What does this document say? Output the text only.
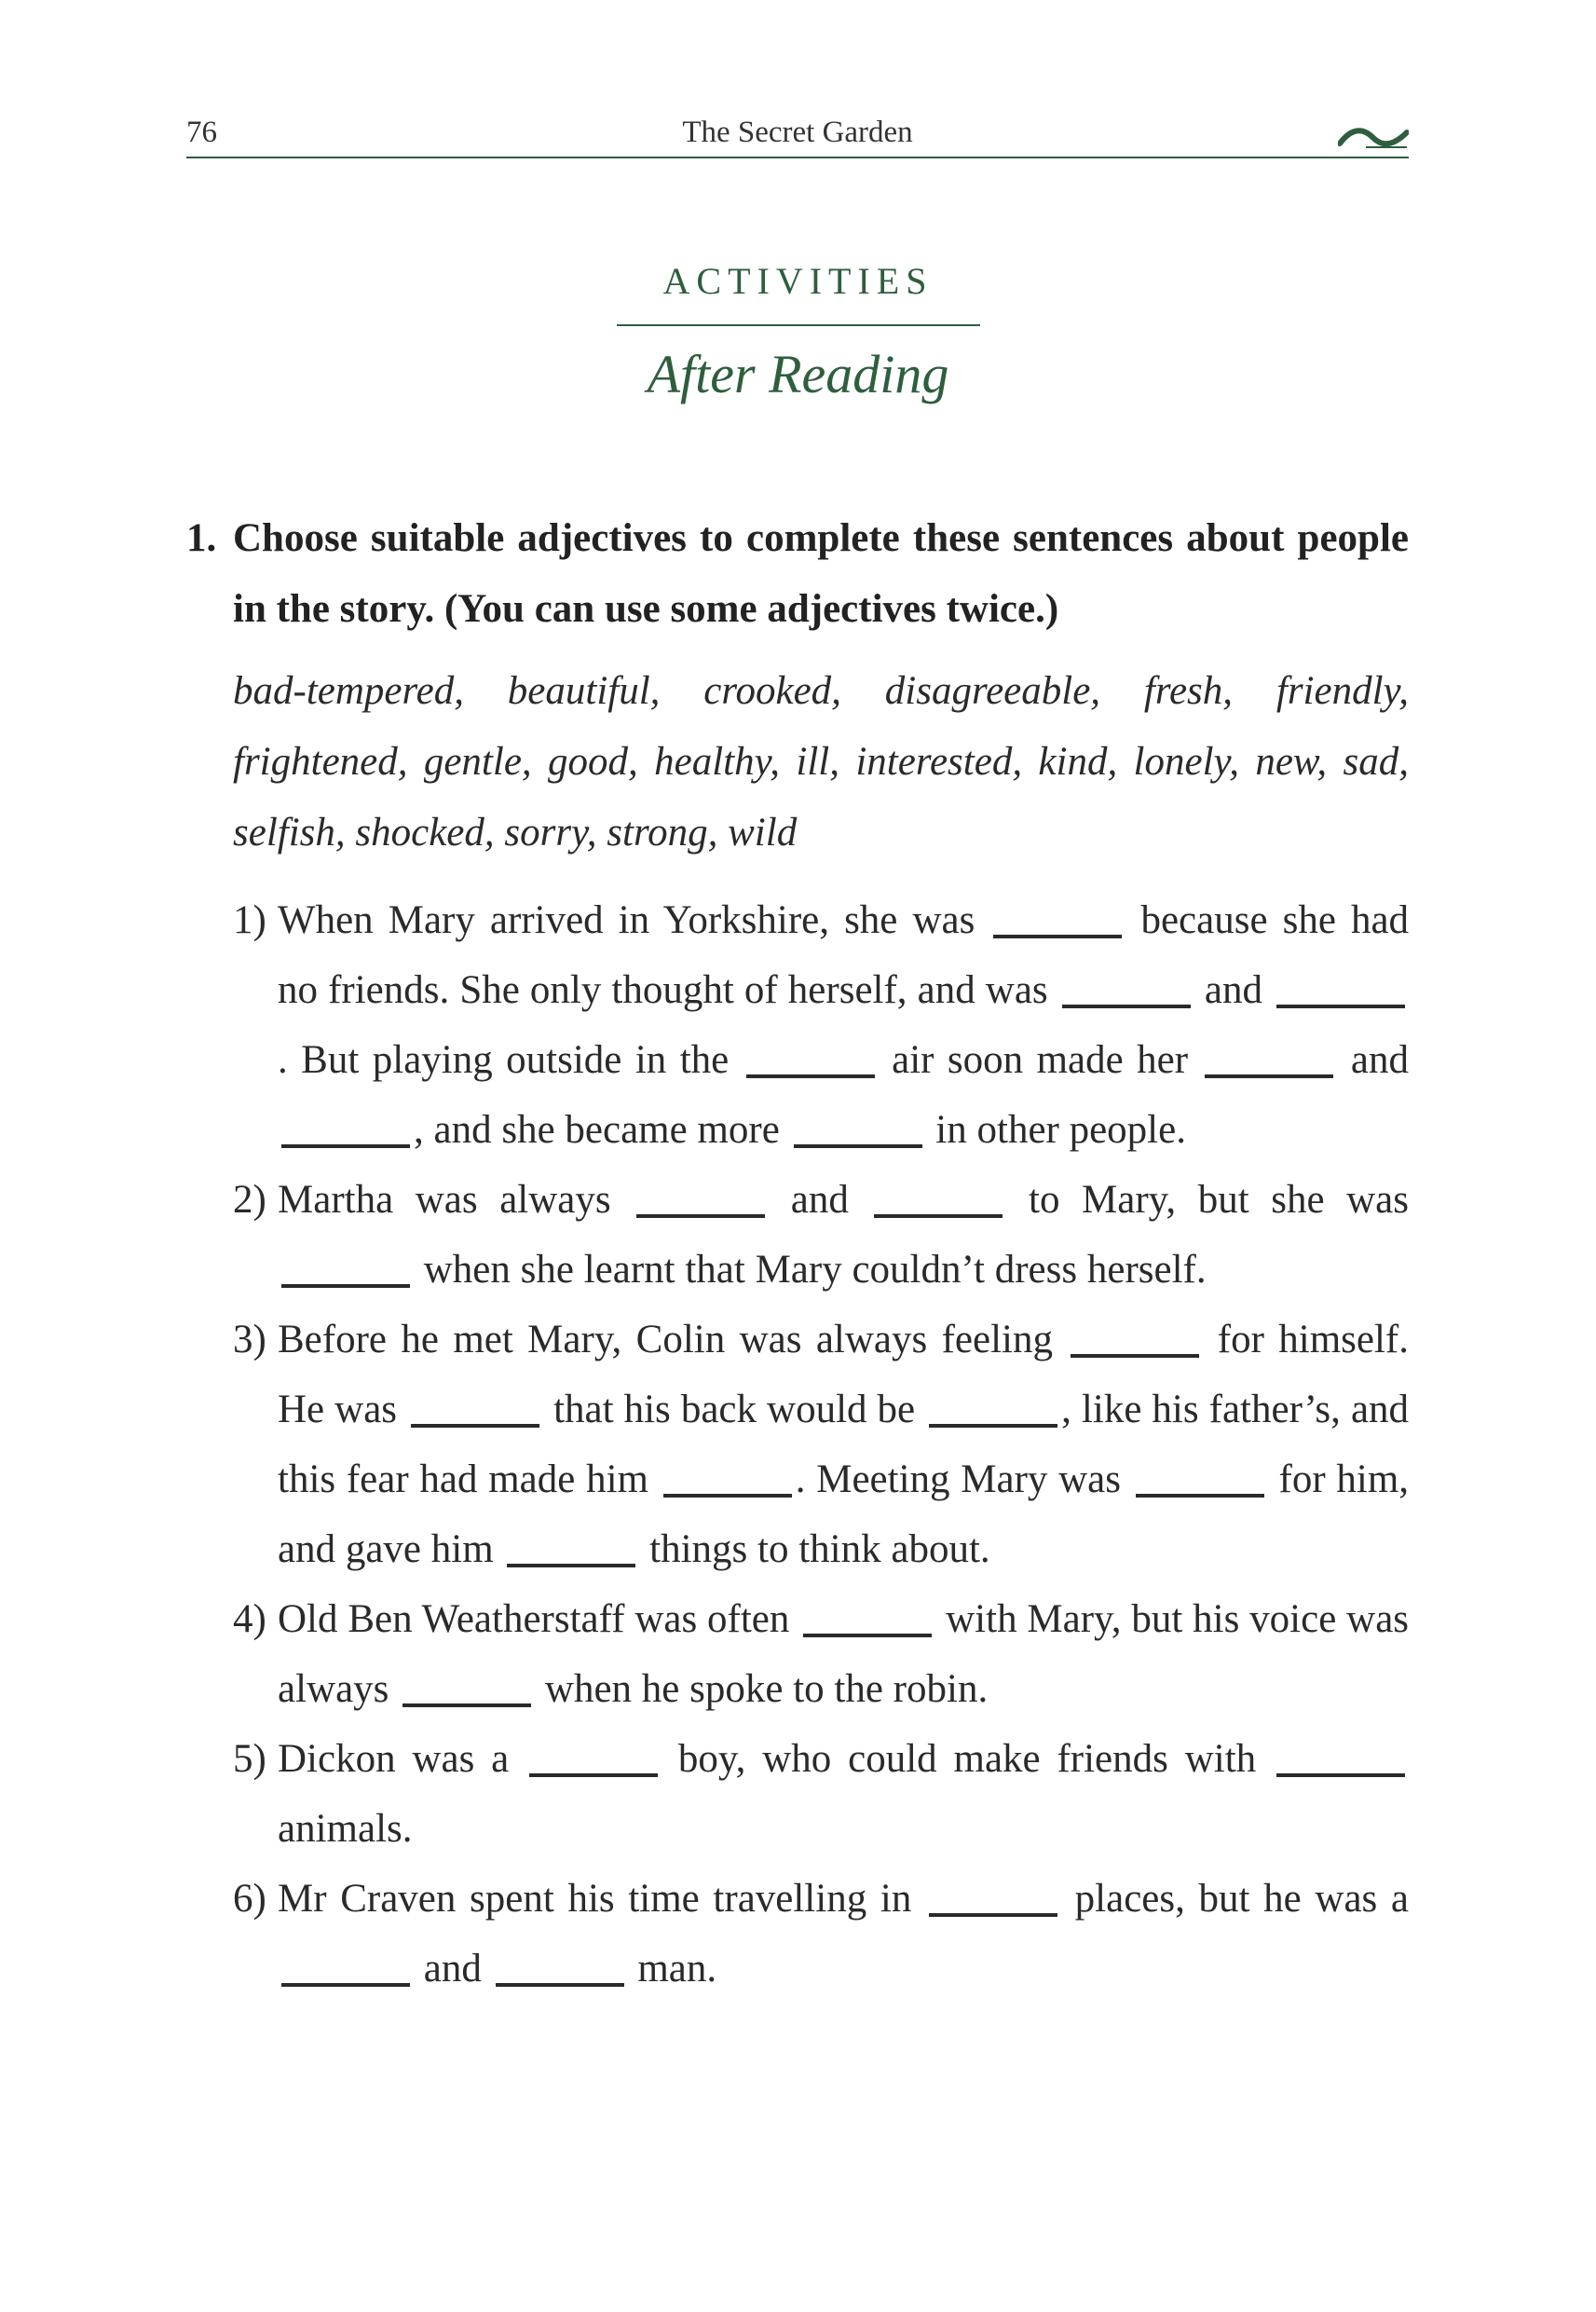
76	The Secret Garden
ACTIVITIES
After Reading
1. Choose suitable adjectives to complete these sentences about people in the story. (You can use some adjectives twice.)
bad-tempered, beautiful, crooked, disagreeable, fresh, friendly, frightened, gentle, good, healthy, ill, interested, kind, lonely, new, sad, selfish, shocked, sorry, strong, wild
1) When Mary arrived in Yorkshire, she was	because she had no friends. She only thought of herself, and was	and . But playing outside in the	air soon made her	and , and she became more	in other people.
2) Martha was always	and	to Mary, but she was  when she learnt that Mary couldn’t dress herself.
3) Before he met Mary, Colin was always feeling	for himself. He was	that his back would be	, like his father’s, and this fear had made him	. Meeting Mary was	for him, and gave him	things to think about.
4) Old Ben Weatherstaff was often	with Mary, but his voice was always	when he spoke to the robin.
5) Dickon was a	boy, who could make friends with  animals.
6) Mr Craven spent his time travelling in	places, but he was a  and	man.
